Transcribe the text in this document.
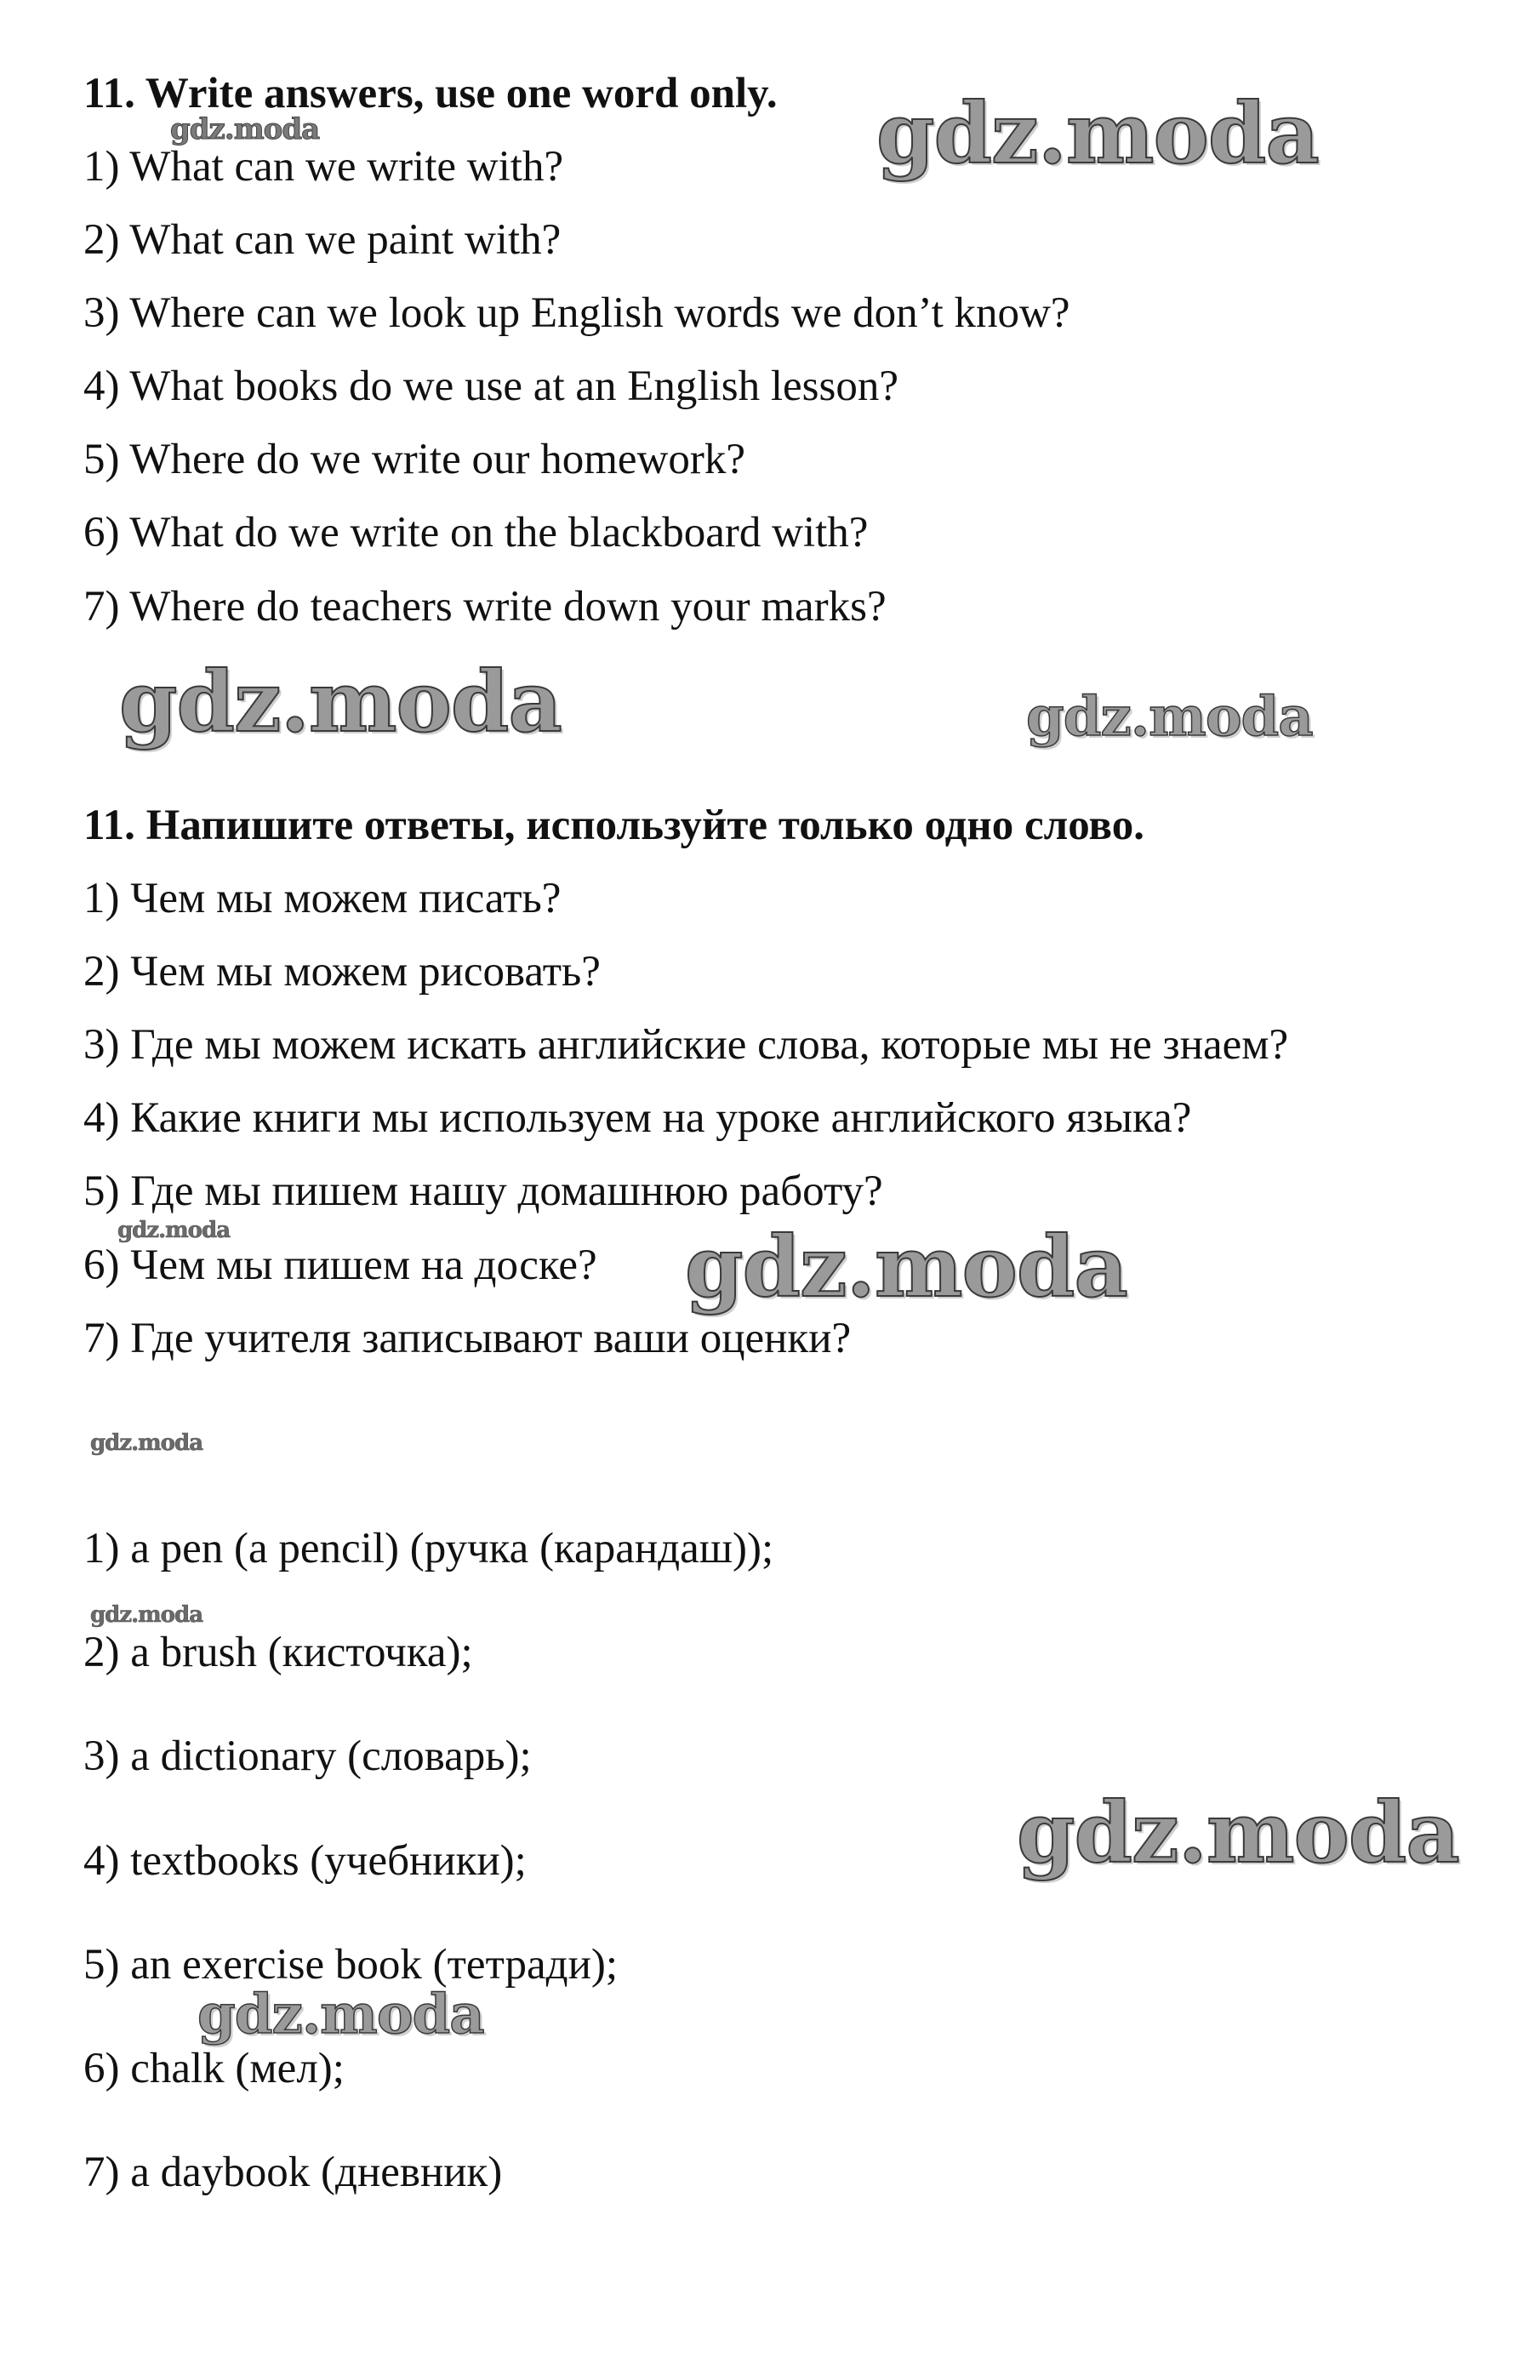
11. Write answers, use one word only.

1) What can we write with?

2) What can we paint with?

3) Where can we look up English words we don’t know?

4) What books do we use at an English lesson?

5) Where do we write our homework?

6) What do we write on the blackboard with?

7) Where do teachers write down your marks?

11. Напишите ответы, используйте только одно слово.

1) Чем мы можем писать?

2) Чем мы можем рисовать?

3) Где мы можем искать английские слова, которые мы не знаем?

4) Какие книги мы используем на уроке английского языка?

5) Где мы пишем нашу домашнюю работу?

6) Чем мы пишем на доске?

7) Где учителя записывают ваши оценки?

1) a pen (a pencil) (ручка (карандаш));

2) a brush (кисточка);

3) a dictionary (словарь);

4) textbooks (учебники);

5) an exercise book (тетради);

6) chalk (мел);

7) a daybook (дневник)

gdz.moda
gdz.moda
gdz.moda	gdz.moda
gdz.moda	gdz.moda
gdz.moda
gdz.moda
gdz.moda
gdz.moda
